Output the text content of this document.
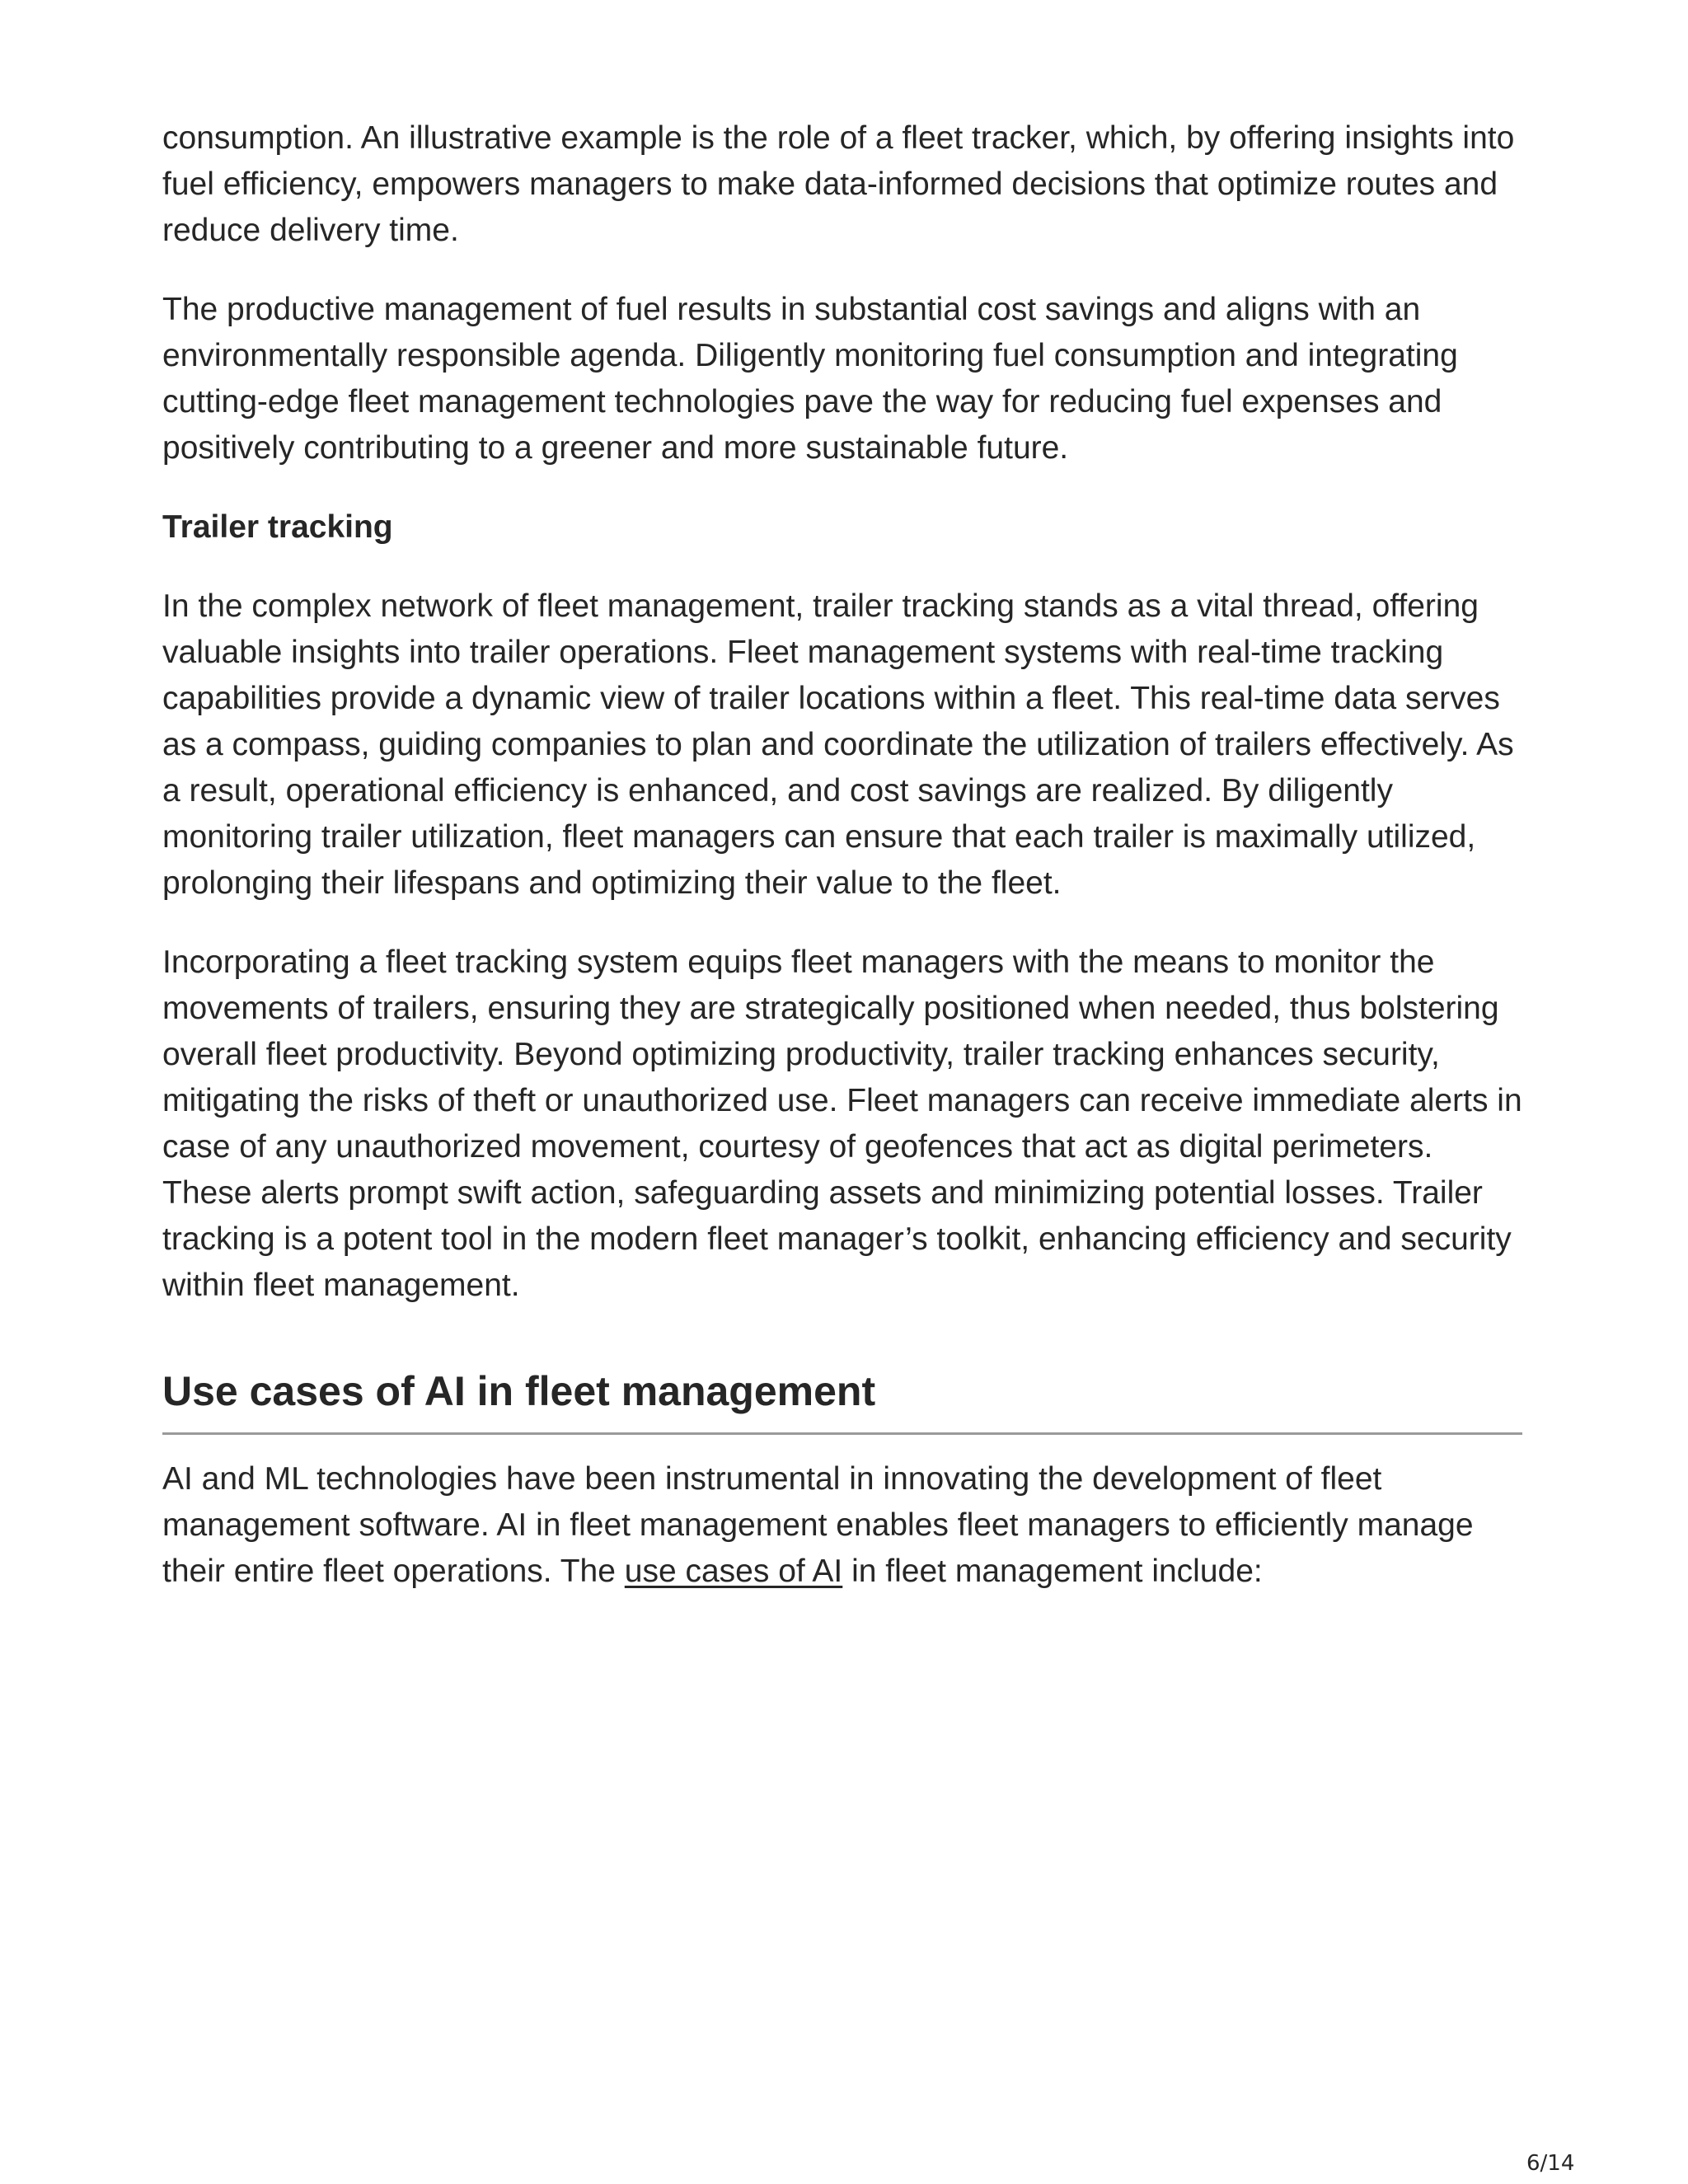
consumption. An illustrative example is the role of a fleet tracker, which, by offering insights into fuel efficiency, empowers managers to make data-informed decisions that optimize routes and reduce delivery time.

The productive management of fuel results in substantial cost savings and aligns with an environmentally responsible agenda. Diligently monitoring fuel consumption and integrating cutting-edge fleet management technologies pave the way for reducing fuel expenses and positively contributing to a greener and more sustainable future.

Trailer tracking

In the complex network of fleet management, trailer tracking stands as a vital thread, offering valuable insights into trailer operations. Fleet management systems with real-time tracking capabilities provide a dynamic view of trailer locations within a fleet. This real-time data serves as a compass, guiding companies to plan and coordinate the utilization of trailers effectively. As a result, operational efficiency is enhanced, and cost savings are realized. By diligently monitoring trailer utilization, fleet managers can ensure that each trailer is maximally utilized, prolonging their lifespans and optimizing their value to the fleet.

Incorporating a fleet tracking system equips fleet managers with the means to monitor the movements of trailers, ensuring they are strategically positioned when needed, thus bolstering overall fleet productivity. Beyond optimizing productivity, trailer tracking enhances security, mitigating the risks of theft or unauthorized use. Fleet managers can receive immediate alerts in case of any unauthorized movement, courtesy of geofences that act as digital perimeters. These alerts prompt swift action, safeguarding assets and minimizing potential losses. Trailer tracking is a potent tool in the modern fleet manager’s toolkit, enhancing efficiency and security within fleet management.

Use cases of AI in fleet management

AI and ML technologies have been instrumental in innovating the development of fleet management software. AI in fleet management enables fleet managers to efficiently manage their entire fleet operations. The use cases of AI in fleet management include:

6/14
